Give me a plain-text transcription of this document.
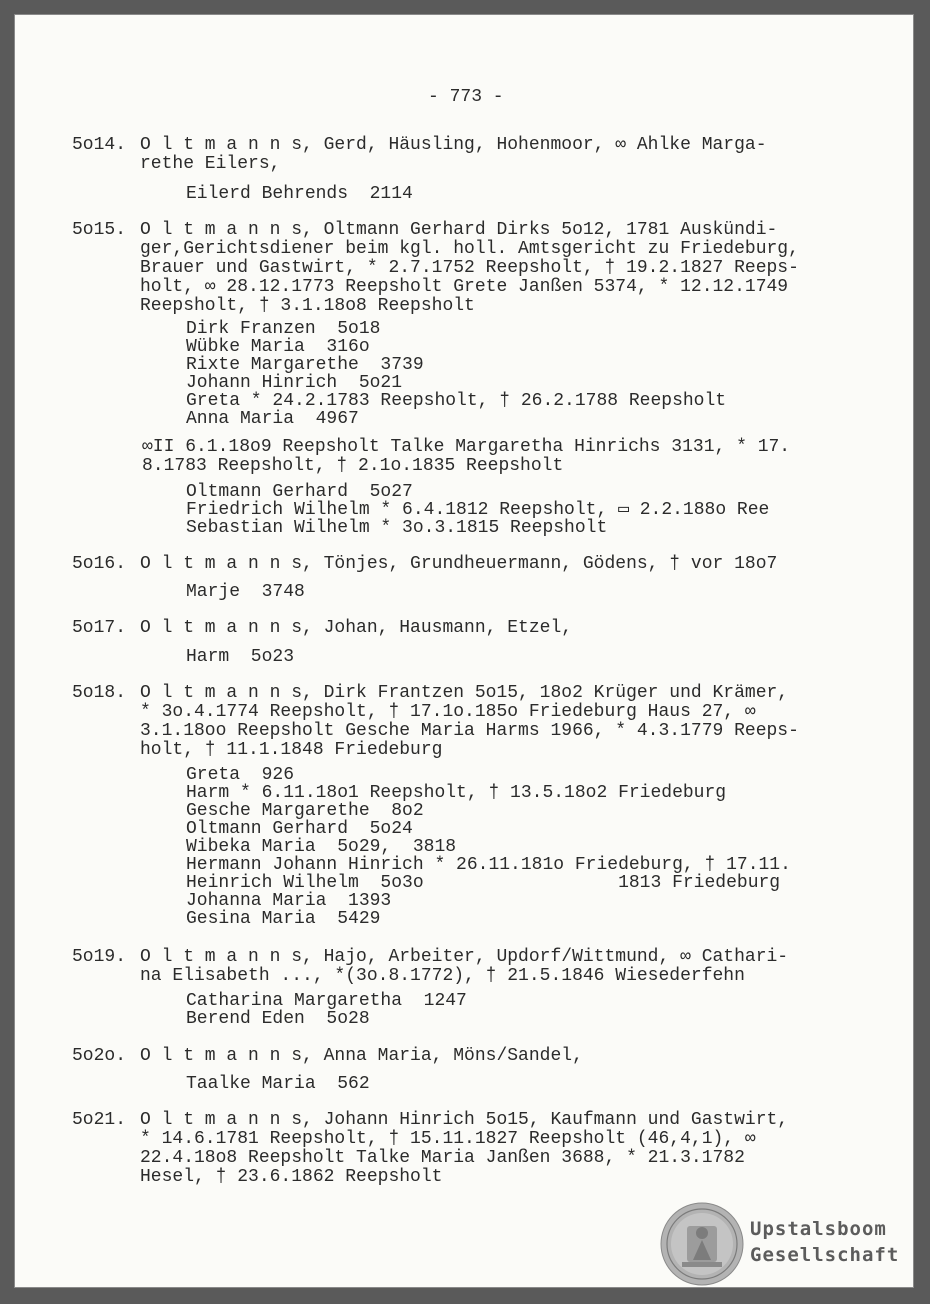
- 773 -
5o14. O l t m a n n s, Gerd, Häusling, Hohenmoor, ∞ Ahlke Marga-
rethe Eilers,
Eilerd Behrends  2114
5o15. O l t m a n n s, Oltmann Gerhard Dirks 5o12, 1781 Auskündi-
ger,Gerichtsdiener beim kgl. holl. Amtsgericht zu Friedeburg,
Brauer und Gastwirt, * 2.7.1752 Reepsholt, † 19.2.1827 Reeps-
holt, ∞ 28.12.1773 Reepsholt Grete Janßen 5374, * 12.12.1749
Reepsholt, † 3.1.18o8 Reepsholt
Dirk Franzen  5o18
Wübke Maria  316o
Rixte Margarethe  3739
Johann Hinrich  5o21
Greta * 24.2.1783 Reepsholt, † 26.2.1788 Reepsholt
Anna Maria  4967
∞II 6.1.18o9 Reepsholt Talke Margaretha Hinrichs 3131, * 17.
8.1783 Reepsholt, † 2.1o.1835 Reepsholt
Oltmann Gerhard  5o27
Friedrich Wilhelm * 6.4.1812 Reepsholt, ▭ 2.2.188o Ree
Sebastian Wilhelm * 3o.3.1815 Reepsholt
5o16. O l t m a n n s, Tönjes, Grundheuermann, Gödens, † vor 18o7
Marje  3748
5o17. O l t m a n n s, Johan, Hausmann, Etzel,
Harm  5o23
5o18. O l t m a n n s, Dirk Frantzen 5o15, 18o2 Krüger und Krämer,
* 3o.4.1774 Reepsholt, † 17.1o.185o Friedeburg Haus 27, ∞
3.1.18oo Reepsholt Gesche Maria Harms 1966, * 4.3.1779 Reeps-
holt, † 11.1.1848 Friedeburg
Greta  926
Harm * 6.11.18o1 Reepsholt, † 13.5.18o2 Friedeburg
Gesche Margarethe  8o2
Oltmann Gerhard  5o24
Wibeka Maria  5o29,  3818
Hermann Johann Hinrich * 26.11.181o Friedeburg, † 17.11.
Heinrich Wilhelm  5o3o                  1813 Friedeburg
Johanna Maria  1393
Gesina Maria  5429
5o19. O l t m a n n s, Hajo, Arbeiter, Updorf/Wittmund, ∞ Cathari-
na Elisabeth ..., *(3o.8.1772), † 21.5.1846 Wiesederfehn
Catharina Margaretha  1247
Berend Eden  5o28
5o2o. O l t m a n n s, Anna Maria, Möns/Sandel,
Taalke Maria  562
5o21. O l t m a n n s, Johann Hinrich 5o15, Kaufmann und Gastwirt,
* 14.6.1781 Reepsholt, † 15.11.1827 Reepsholt (46,4,1), ∞
22.4.18o8 Reepsholt Talke Maria Janßen 3688, * 21.3.1782
Hesel, † 23.6.1862 Reepsholt
Upstalsboom
Gesellschaft
